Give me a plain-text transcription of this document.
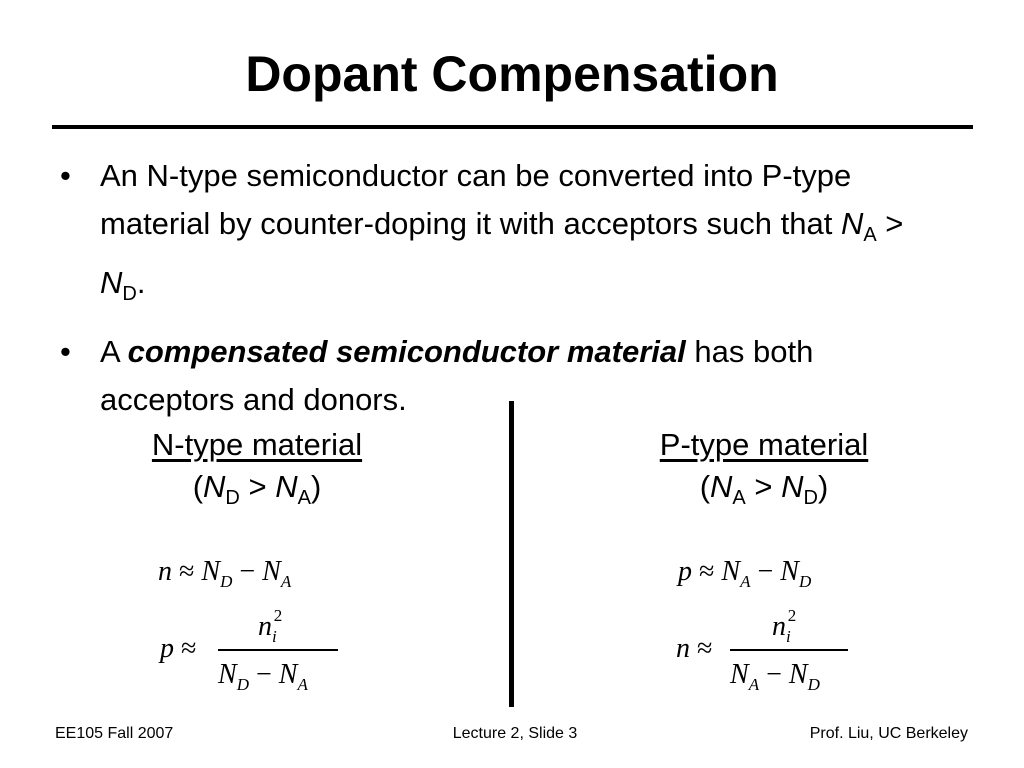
Dopant Compensation
• An N-type semiconductor can be converted into P-type material by counter-doping it with acceptors such that $N_A > N_D$.
• A compensated semiconductor material has both acceptors and donors.
N-type material
$(N_D > N_A)$
$n \approx N_D - N_A$
p ≈
$n_i^2$
$N_D - N_A$
P-type material
$(N_A > N_D)$
$p \approx N_A - N_D$
n ≈
$n_i^2$
$N_A - N_D$
EE105 Fall 2007	Lecture 2, Slide 3	Prof. Liu, UC Berkeley
